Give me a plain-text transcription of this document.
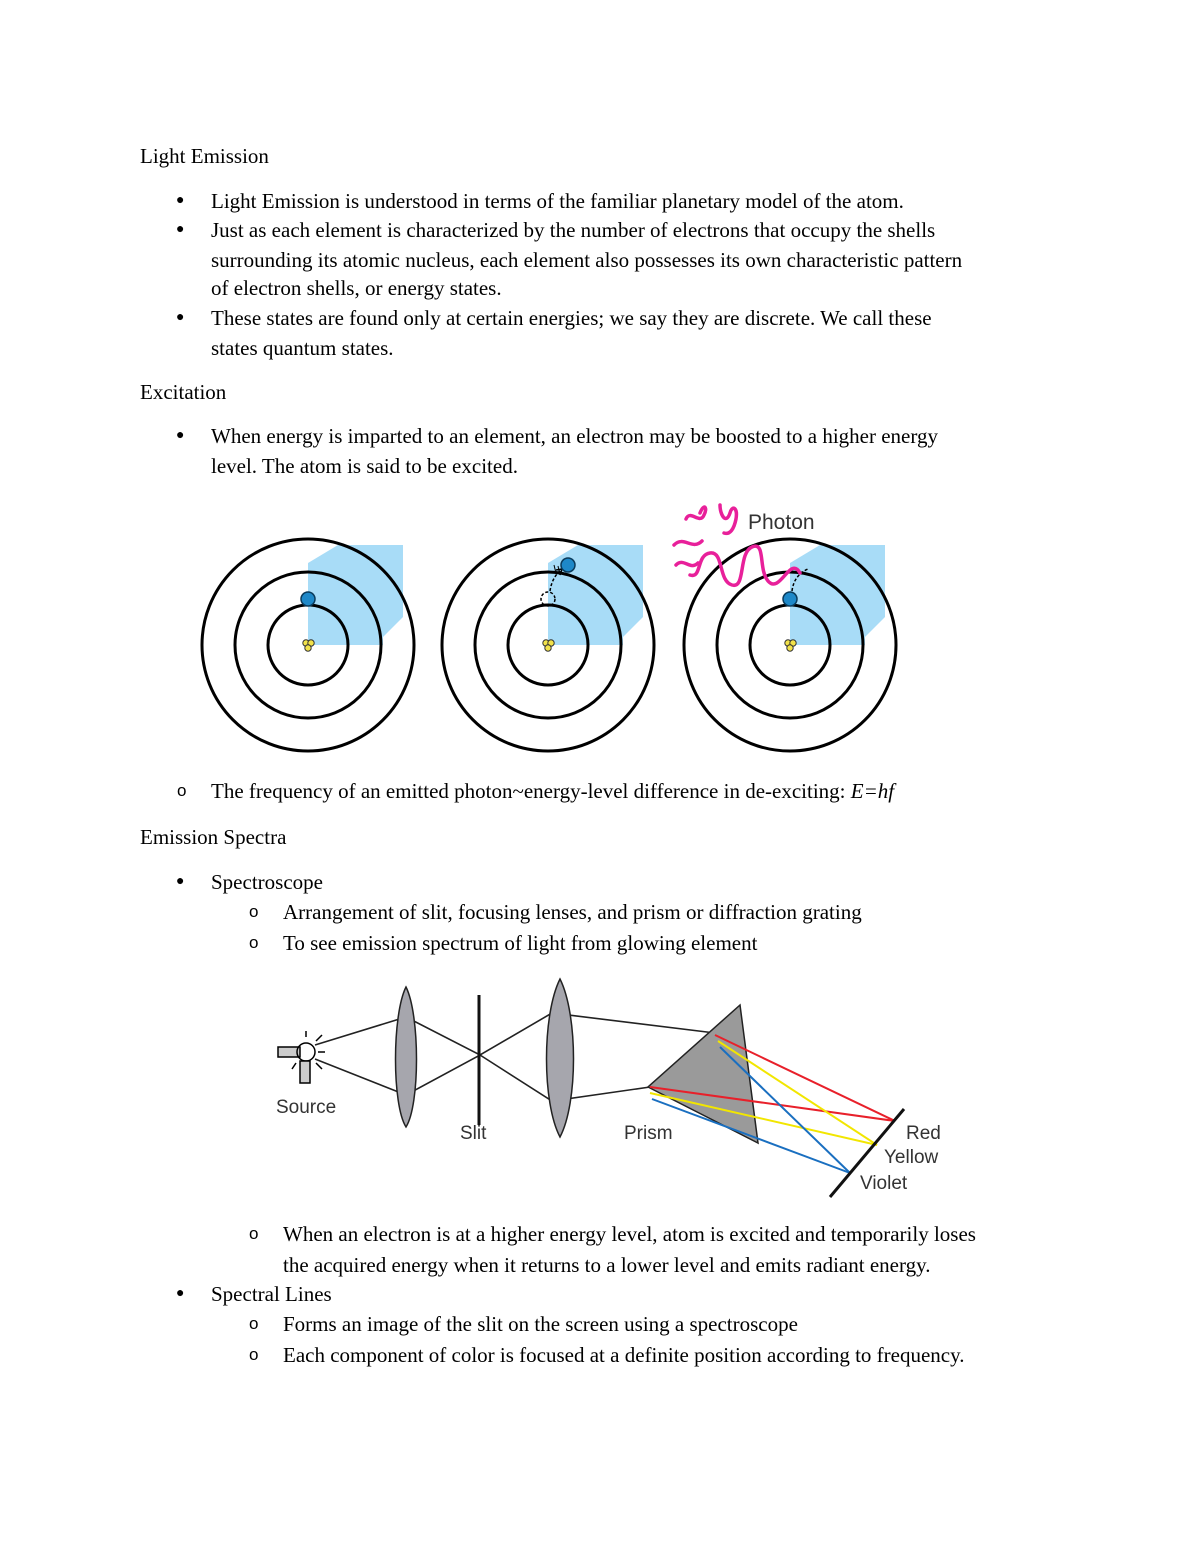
Light Emission
● Light Emission is understood in terms of the familiar planetary model of the atom.
● Just as each element is characterized by the number of electrons that occupy the shells
surrounding its atomic nucleus, each element also possesses its own characteristic pattern
of electron shells, or energy states.
● These states are found only at certain energies; we say they are discrete. We call these
states quantum states.
Excitation
● When energy is imparted to an element, an electron may be boosted to a higher energy
level. The atom is said to be excited.
Photon
o The frequency of an emitted photon~energy-level difference in de-exciting: E=hf
Emission Spectra
● Spectroscope
o Arrangement of slit, focusing lenses, and prism or diffraction grating
o To see emission spectrum of light from glowing element
Source
Slit	Prism	Red
Yellow
Violet
o When an electron is at a higher energy level, atom is excited and temporarily loses
the acquired energy when it returns to a lower level and emits radiant energy.
● Spectral Lines
o Forms an image of the slit on the screen using a spectroscope
o Each component of color is focused at a definite position according to frequency.
